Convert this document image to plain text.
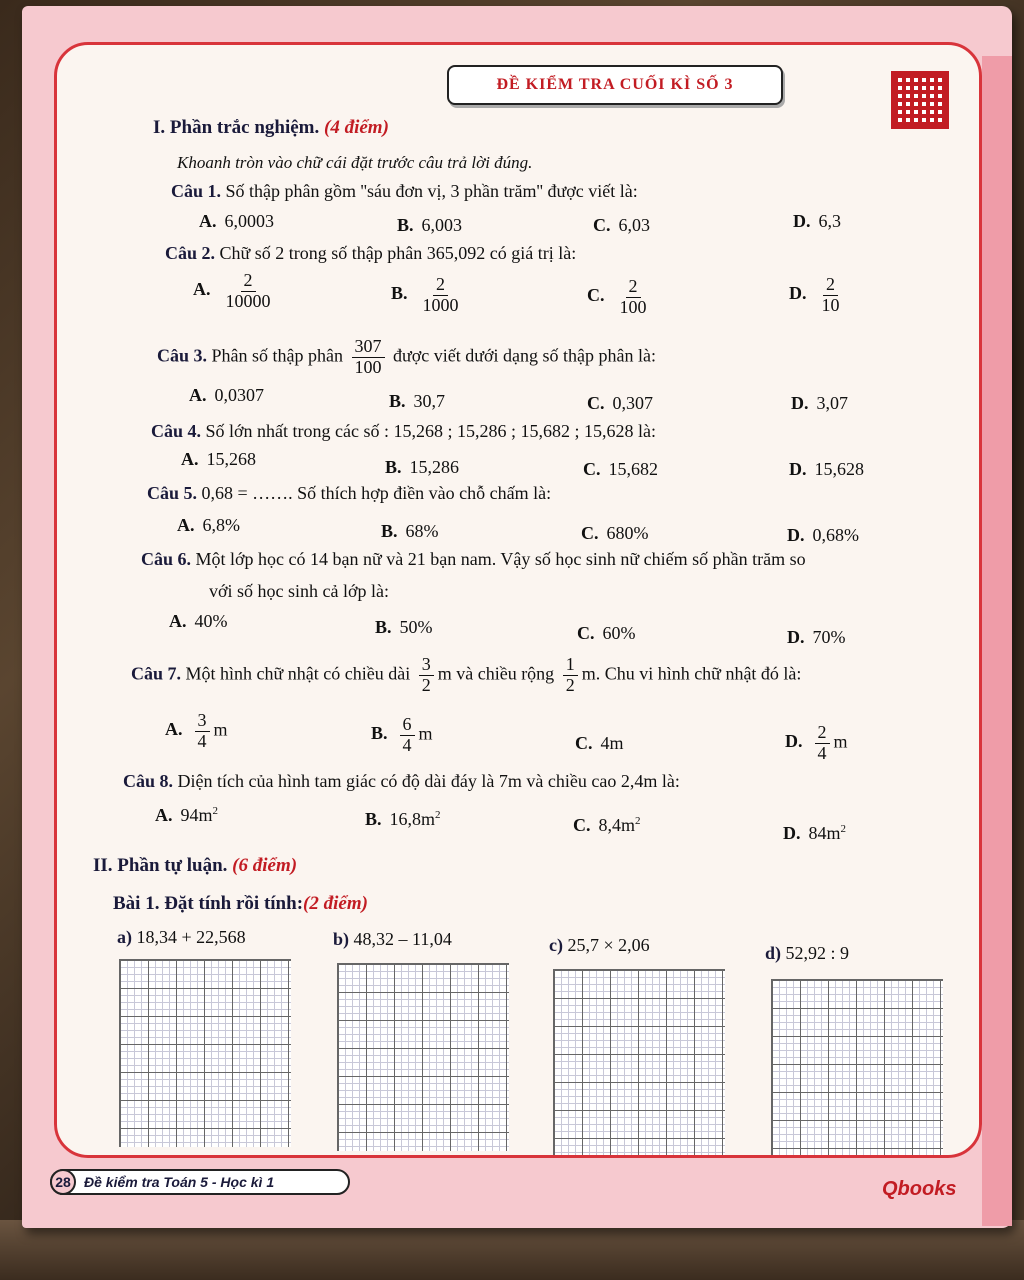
ĐỀ KIỂM TRA CUỐI KÌ SỐ 3
I. Phần trắc nghiệm. (4 điểm)
Khoanh tròn vào chữ cái đặt trước câu trả lời đúng.
Câu 1. Số thập phân gồm ''sáu đơn vị, 3 phần trăm'' được viết là:
A. 6,0003	B. 6,003	C. 6,03	D. 6,3
Câu 2. Chữ số 2 trong số thập phân 365,092 có giá trị là:
A. $\frac{2}{10000}$	B. $\frac{2}{1000}$	C. $\frac{2}{100}$	D. $\frac{2}{10}$
Câu 3. Phân số thập phân $\frac{307}{100}$ được viết dưới dạng số thập phân là:
A. 0,0307	B. 30,7	C. 0,307	D. 3,07
Câu 4. Số lớn nhất trong các số : 15,268 ; 15,286 ; 15,682 ; 15,628 là:
A. 15,268	B. 15,286	C. 15,682	D. 15,628
Câu 5. 0,68 = ……. Số thích hợp điền vào chỗ chấm là:
A. 6,8%	B. 68%	C. 680%	D. 0,68%
Câu 6. Một lớp học có 14 bạn nữ và 21 bạn nam. Vậy số học sinh nữ chiếm số phần trăm so
với số học sinh cả lớp là:
A. 40%	B. 50%	C. 60%	D. 70%
Câu 7. Một hình chữ nhật có chiều dài $\frac{3}{2}$ m và chiều rộng $\frac{1}{2} m$. Chu vi hình chữ nhật đó là:
A. $\frac{3}{4}$ m	B. $\frac{6}{4}$ m	C. 4m	D. $\frac{2}{4}$ m
Câu 8. Diện tích của hình tam giác có độ dài đáy là 7m và chiều cao 2,4m là:
A. $94m^2$	B. $16,8m^2$	C. $8,4m^2$
D. $84m^2$
II. Phần tự luận. (6 điểm)
Bài 1. Đặt tính rồi tính:(2 điểm)
a) 18,34 + 22,568	b) 48,32 – 11,04	c) 25,7 × 2,06	d) 52,92 : 9
28 Đề kiểm tra Toán 5 - Học kì 1	Qbooks
